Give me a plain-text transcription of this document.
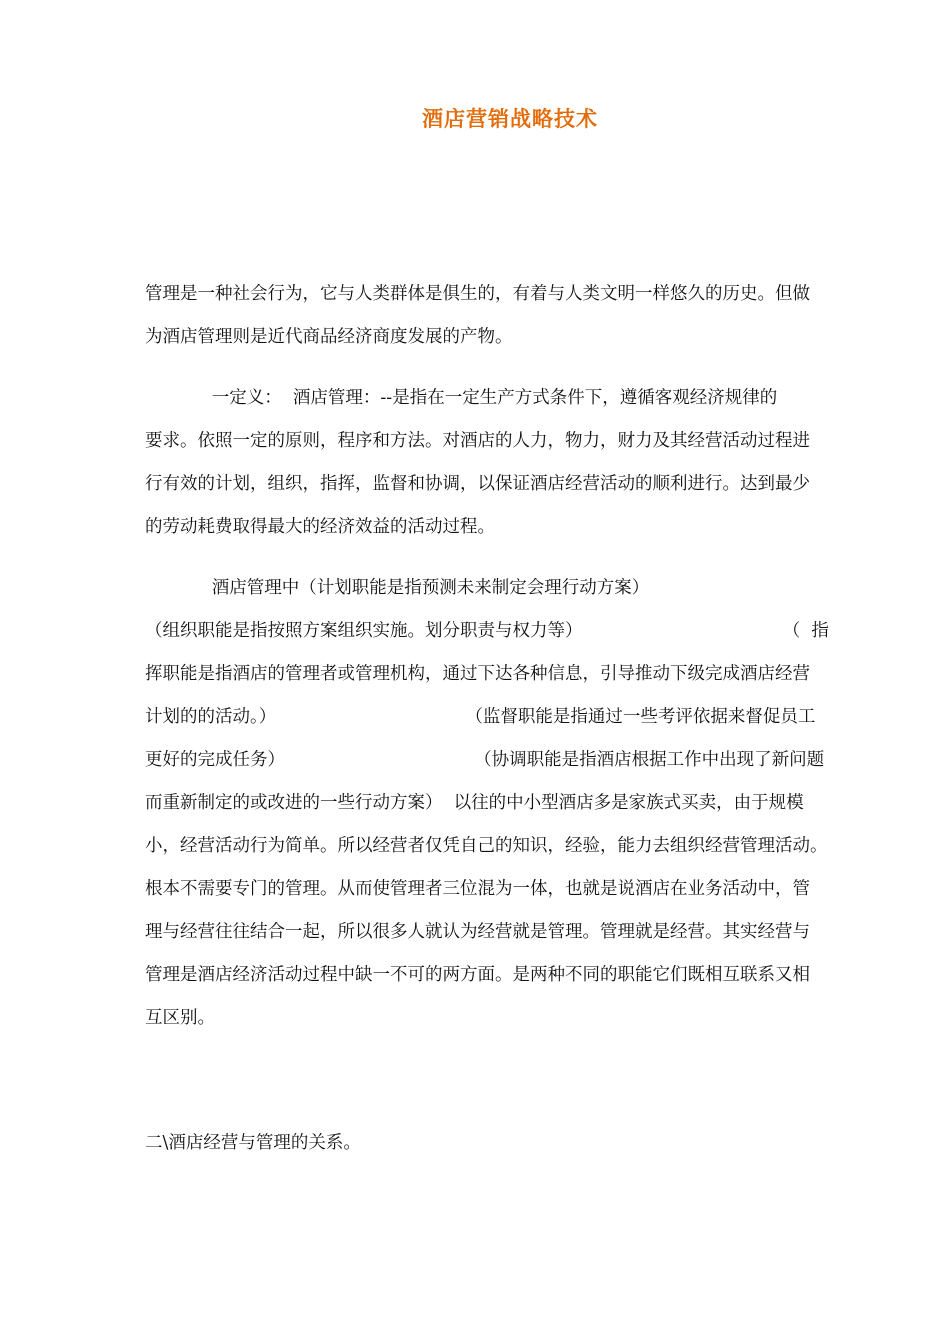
酒店营销战略技术
管理是一种社会行为，它与人类群体是俱生的，有着与人类文明一样悠久的历史。但做
为酒店管理则是近代商品经济商度发展的产物。
一定义：  酒店管理：--是指在一定生产方式条件下，遵循客观经济规律的
要求。依照一定的原则，程序和方法。对酒店的人力，物力，财力及其经营活动过程进
行有效的计划，组织，指挥，监督和协调，以保证酒店经营活动的顺利进行。达到最少
的劳动耗费取得最大的经济效益的活动过程。
酒店管理中（计划职能是指预测未来制定会理行动方案）
（组织职能是指按照方案组织实施。划分职责与权力等）                                    （  指
挥职能是指酒店的管理者或管理机构，通过下达各种信息，引导推动下级完成酒店经营
计划的的活动。）                                  （监督职能是指通过一些考评依据来督促员工
更好的完成任务）                                  （协调职能是指酒店根据工作中出现了新问题
而重新制定的或改进的一些行动方案）  以往的中小型酒店多是家族式买卖，由于规模
小，经营活动行为简单。所以经营者仅凭自己的知识，经验，能力去组织经营管理活动。
根本不需要专门的管理。从而使管理者三位混为一体，也就是说酒店在业务活动中，管
理与经营往往结合一起，所以很多人就认为经营就是管理。管理就是经营。其实经营与
管理是酒店经济活动过程中缺一不可的两方面。是两种不同的职能它们既相互联系又相
互区别。
二\酒店经营与管理的关系。
